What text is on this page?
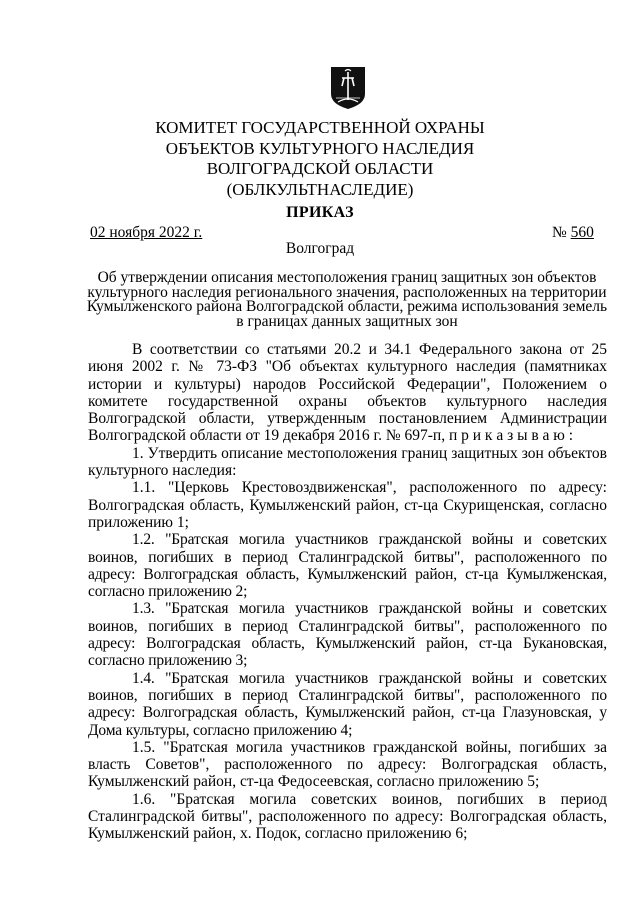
КОМИТЕТ ГОСУДАРСТВЕННОЙ ОХРАНЫ
ОБЪЕКТОВ КУЛЬТУРНОГО НАСЛЕДИЯ
ВОЛГОГРАДСКОЙ ОБЛАСТИ
(ОБЛКУЛЬТНАСЛЕДИЕ)
ПРИКАЗ
02 ноября 2022 г.	№ 560
Волгоград
Об утверждении описания местоположения границ защитных зон объектов
культурного наследия регионального значения, расположенных на территории
Кумылженского района Волгоградской области, режима использования земель
в границах данных защитных зон

В соответствии со статьями 20.2 и 34.1 Федерального закона от 25 июня 2002 г. № 73-ФЗ "Об объектах культурного наследия (памятниках истории и культуры) народов Российской Федерации", Положением о комитете государственной охраны объектов культурного наследия Волгоградской области, утвержденным постановлением Администрации Волгоградской области от 19 декабря 2016 г. № 697-п, п р и к а з ы в а ю :

1. Утвердить описание местоположения границ защитных зон объектов культурного наследия:

1.1. "Церковь Крестовоздвиженская", расположенного по адресу: Волгоградская область, Кумылженский район, ст-ца Скурищенская, согласно приложению 1;

1.2. "Братская могила участников гражданской войны и советских воинов, погибших в период Сталинградской битвы", расположенного по адресу: Волгоградская область, Кумылженский район, ст-ца Кумылженская, согласно приложению 2;

1.3. "Братская могила участников гражданской войны и советских воинов, погибших в период Сталинградской битвы", расположенного по адресу: Волгоградская область, Кумылженский район, ст-ца Букановская, согласно приложению 3;

1.4. "Братская могила участников гражданской войны и советских воинов, погибших в период Сталинградской битвы", расположенного по адресу: Волгоградская область, Кумылженский район, ст-ца Глазуновская, у Дома культуры, согласно приложению 4;

1.5. "Братская могила участников гражданской войны, погибших за власть Советов", расположенного по адресу: Волгоградская область, Кумылженский район, ст-ца Федосеевская, согласно приложению 5;

1.6. "Братская могила советских воинов, погибших в период Сталинградской битвы", расположенного по адресу: Волгоградская область, Кумылженский район, х. Подок, согласно приложению 6;
